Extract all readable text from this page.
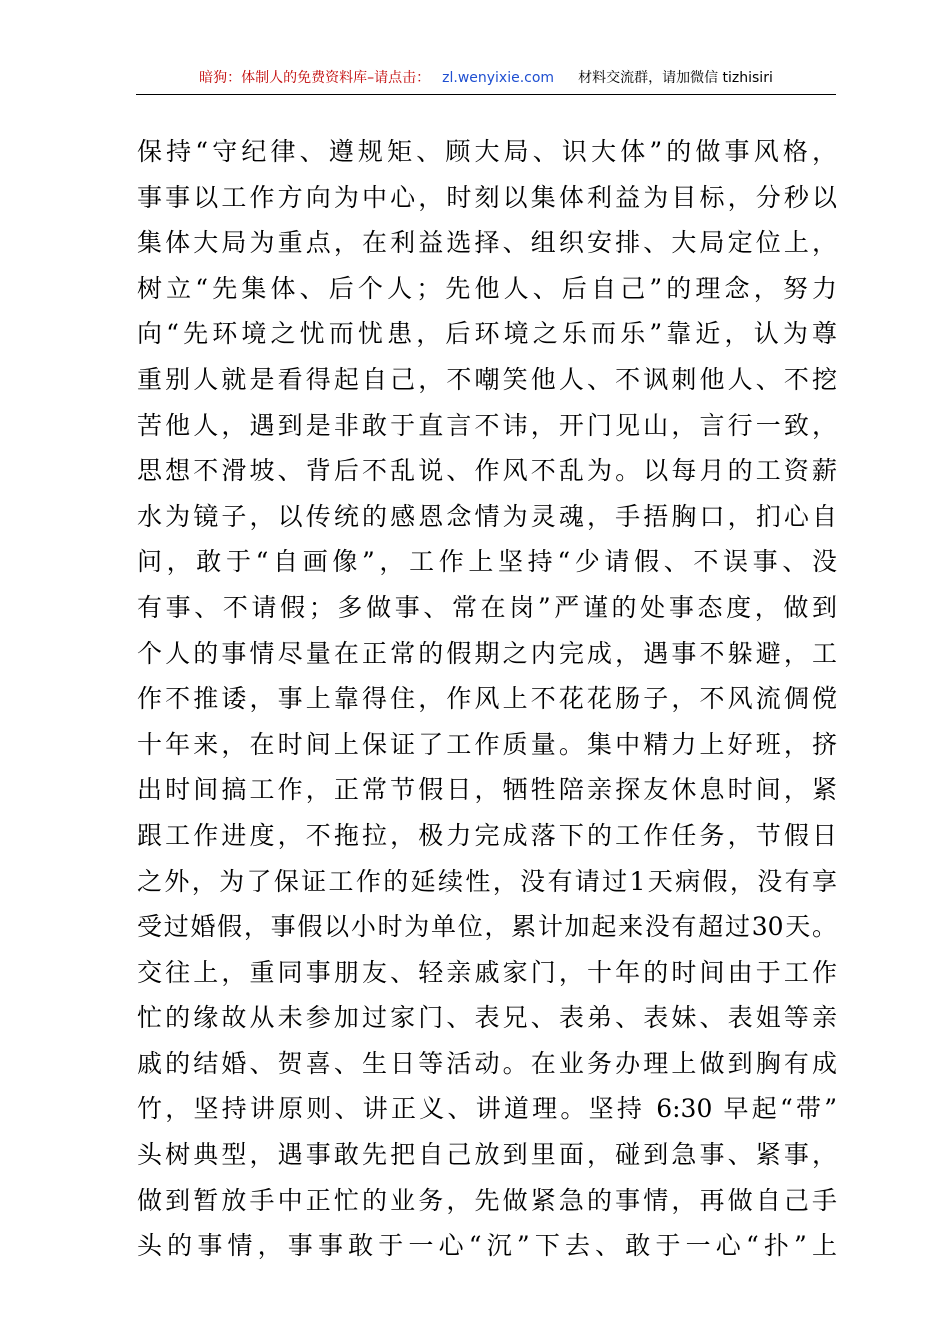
暗狗：体制人的免费资料库–请点击： zl.wenyixie.com 材料交流群，请加微信 tizhisiri
保持“守纪律、遵规矩、顾大局、识大体”的做事风格，
事事以工作方向为中心，时刻以集体利益为目标，分秒以
集体大局为重点，在利益选择、组织安排、大局定位上，
树立“先集体、后个人；先他人、后自己”的理念，努力
向“先环境之忧而忧患，后环境之乐而乐”靠近，认为尊
重别人就是看得起自己，不嘲笑他人、不讽刺他人、不挖
苦他人，遇到是非敢于直言不讳，开门见山，言行一致，
思想不滑坡、背后不乱说、作风不乱为。以每月的工资薪
水为镜子，以传统的感恩念情为灵魂，手捂胸口，扪心自
问，敢于“自画像”，工作上坚持“少请假、不误事、没
有事、不请假；多做事、常在岗”严谨的处事态度，做到
个人的事情尽量在正常的假期之内完成，遇事不躲避，工
作不推诿，事上靠得住，作风上不花花肠子，不风流倜傥
十年来，在时间上保证了工作质量。集中精力上好班，挤
出时间搞工作，正常节假日，牺牲陪亲探友休息时间，紧
跟工作进度，不拖拉，极力完成落下的工作任务，节假日
之外，为了保证工作的延续性，没有请过1天病假，没有享
受过婚假，事假以小时为单位，累计加起来没有超过30天。
交往上，重同事朋友、轻亲戚家门，十年的时间由于工作
忙的缘故从未参加过家门、表兄、表弟、表妹、表姐等亲
戚的结婚、贺喜、生日等活动。在业务办理上做到胸有成
竹，坚持讲原则、讲正义、讲道理。坚持 6:30 早起“带”
头树典型，遇事敢先把自己放到里面，碰到急事、紧事，
做到暂放手中正忙的业务，先做紧急的事情，再做自己手
头的事情，事事敢于一心“沉”下去、敢于一心“扑”上
